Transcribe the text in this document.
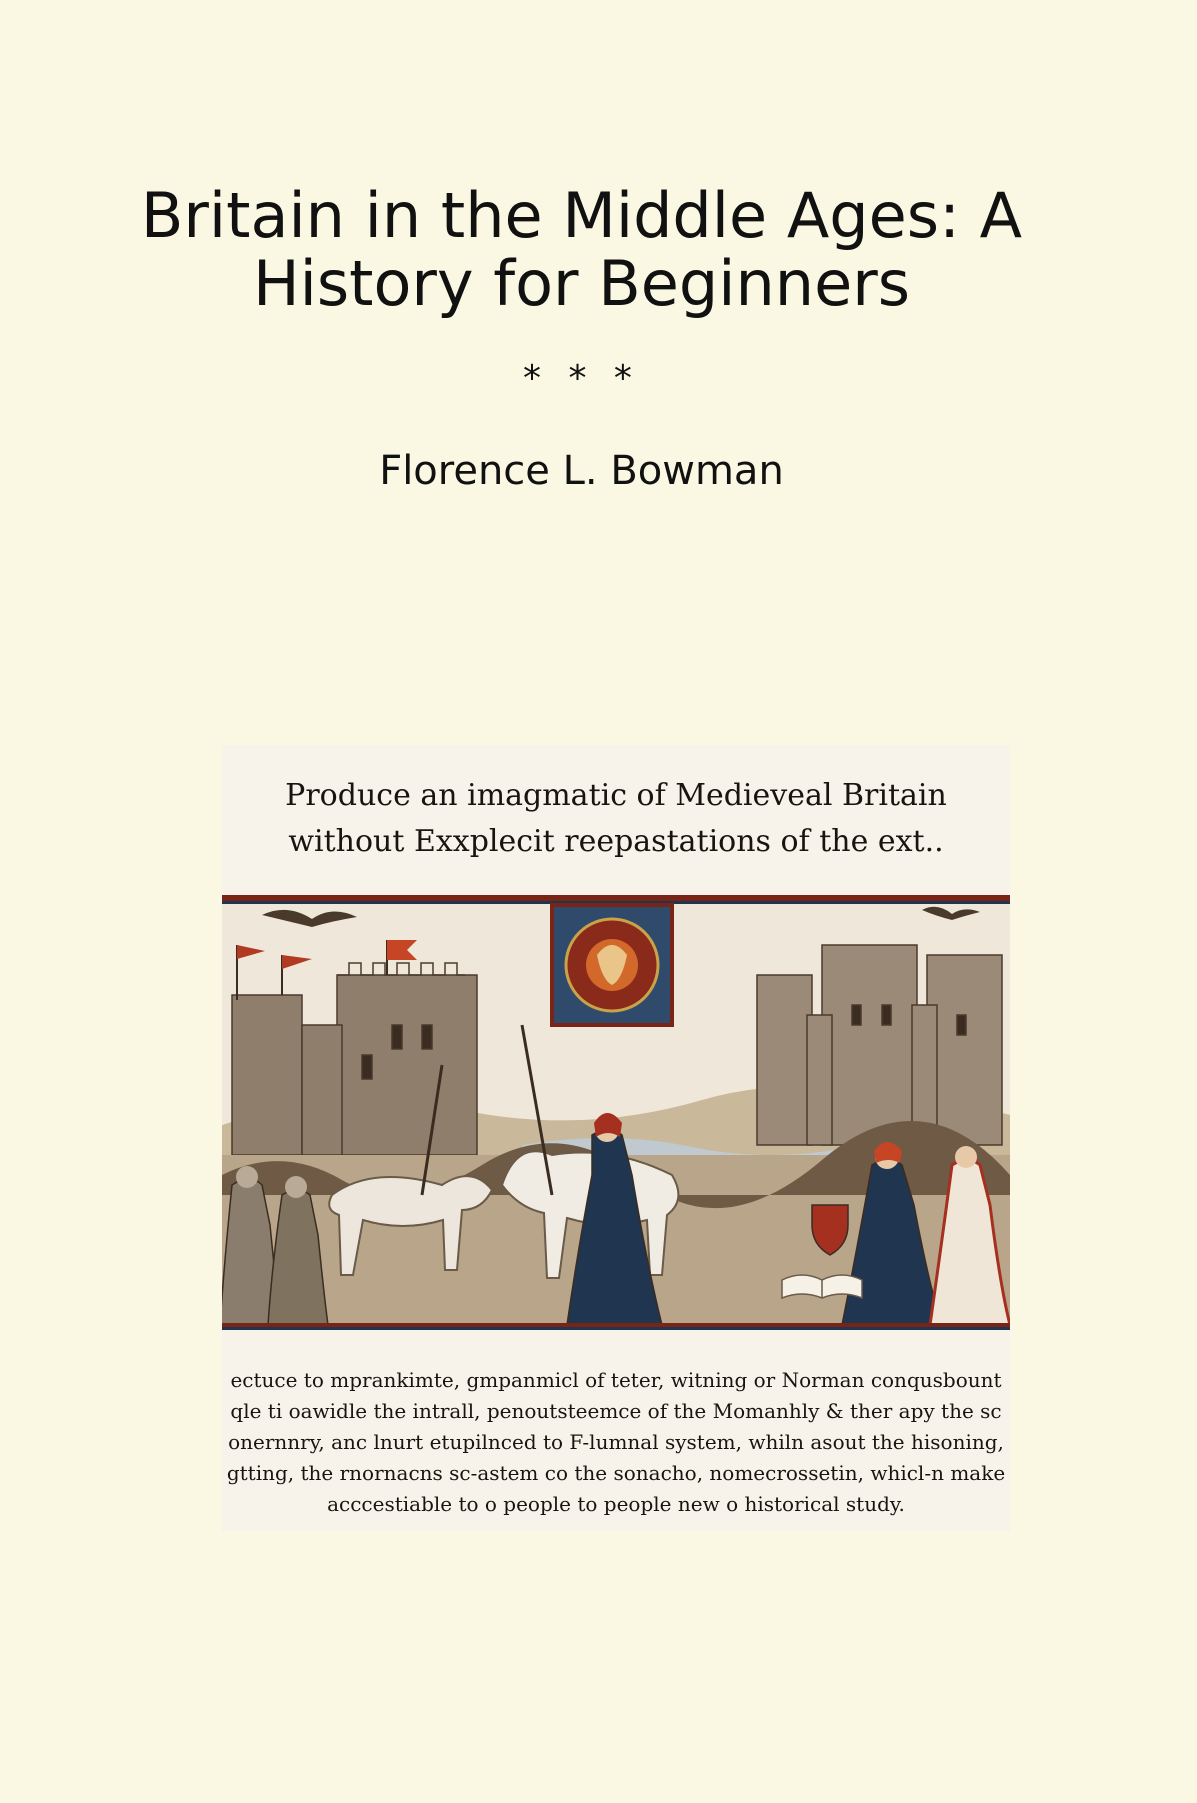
Britain in the Middle Ages: A History for Beginners
* * *
Florence L. Bowman
Produce an imagmatic of Medieveal Britain
without Exxplecit reepastations of the ext..
ectuce to mprankimte, gmpanmicl of teter, witning or Norman conqusbount
qle ti oawidle the intrall, penoutsteemce of the Momanhly & ther apy the sc
onernnry, anc lnurt etupilnced to F-lumnal system, whiln asout the hisoning,
gtting, the rnornacns sc-astem co the sonacho, nomecrossetin, whicl-n make
acccestiable to o people to people new o historical study.
